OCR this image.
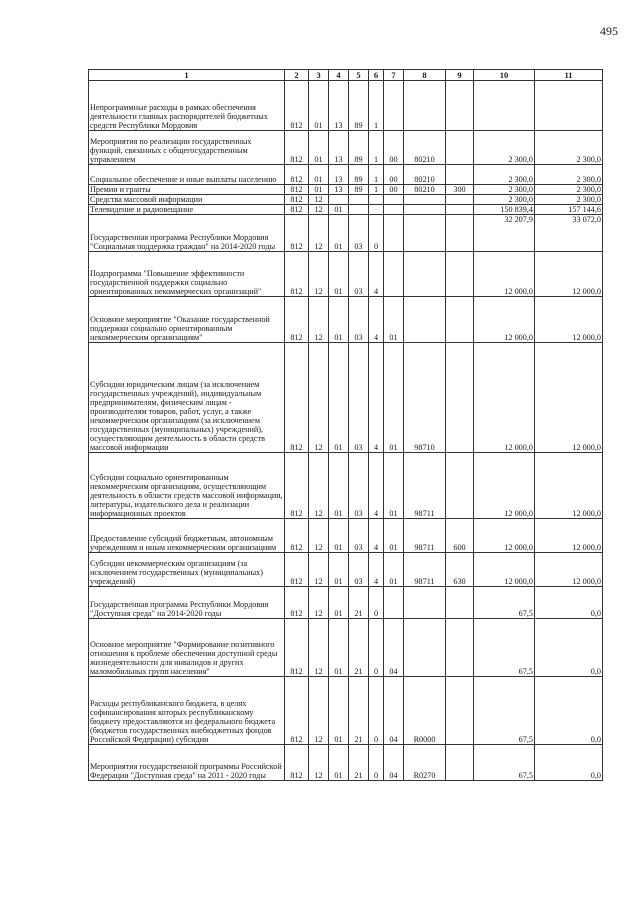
495
1	2	3	4	5	6	7	8	9	10	11
Непрограммные расходы в рамках обеспечения деятельности главных распорядителей бюджетных средств Республики Мордовия	812	01	13	89	1					
Мероприятия по реализации государственных функций, связанных с общегосударственным управлением	812	01	13	89	1	00	80210		2 300,0	2 300,0
Социальное обеспечение и иные выплаты населению	812	01	13	89	1	00	80210		2 300,0	2 300,0
Премии и гранты	812	01	13	89	1	00	80210	300	2 300,0	2 300,0
Средства массовой информации	812	12							2 300,0	2 300,0
Телевидение и радиовещание	812	12	01						150 839,4	157 144,6
Государственная программа Республики Мордовия "Социальная поддержка граждан" на 2014-2020 годы	812	12	01	03	0				32 207,9	33 072,0
Подпрограмма "Повышение эффективности государственной поддержки социально ориентированных некоммерческих организаций"	812	12	01	03	4				12 000,0	12 000,0
Основное мероприятие "Оказание государственной поддержки социально ориентированным некоммерческим организациям"	812	12	01	03	4	01			12 000,0	12 000,0
Субсидии юридическим лицам (за исключением государственных учреждений), индивидуальным предпринимателям, физическим лицам - производителям товаров, работ, услуг, а также некоммерческим организациям (за исключением государственных (муниципальных) учреждений), осуществляющим деятельность в области средств массовой информации	812	12	01	03	4	01	98710		12 000,0	12 000,0
Субсидии социально ориентированным некоммерческим организациям, осуществляющим деятельность в области средств массовой информации, литературы, издательского дела и реализации информационных проектов	812	12	01	03	4	01	98711		12 000,0	12 000,0
Предоставление субсидий бюджетным, автономным учреждениям и иным некоммерческим организациям	812	12	01	03	4	01	98711	600	12 000,0	12 000,0
Субсидии некоммерческим организациям (за исключением государственных (муниципальных) учреждений)	812	12	01	03	4	01	98711	630	12 000,0	12 000,0
Государственная программа Республики Мордовия "Доступная среда" на 2014-2020 годы	812	12	01	21	0				67,5	0,0
Основное мероприятие "Формирование позитивного отношения к проблеме обеспечения доступной среды жизнедеятельности для инвалидов и других маломобильных групп населения"	812	12	01	21	0	04			67,5	0,0
Расходы республиканского бюджета, в целях софинансирования которых республиканскому бюджету предоставляются из федерального бюджета (бюджетов государственных внебюджетных фондов Российской Федерации) субсидии	812	12	01	21	0	04	R0000		67,5	0,0
Мероприятия государственной программы Российской Федерации "Доступная среда" на 2011 - 2020 годы	812	12	01	21	0	04	R0270		67,5	0,0
